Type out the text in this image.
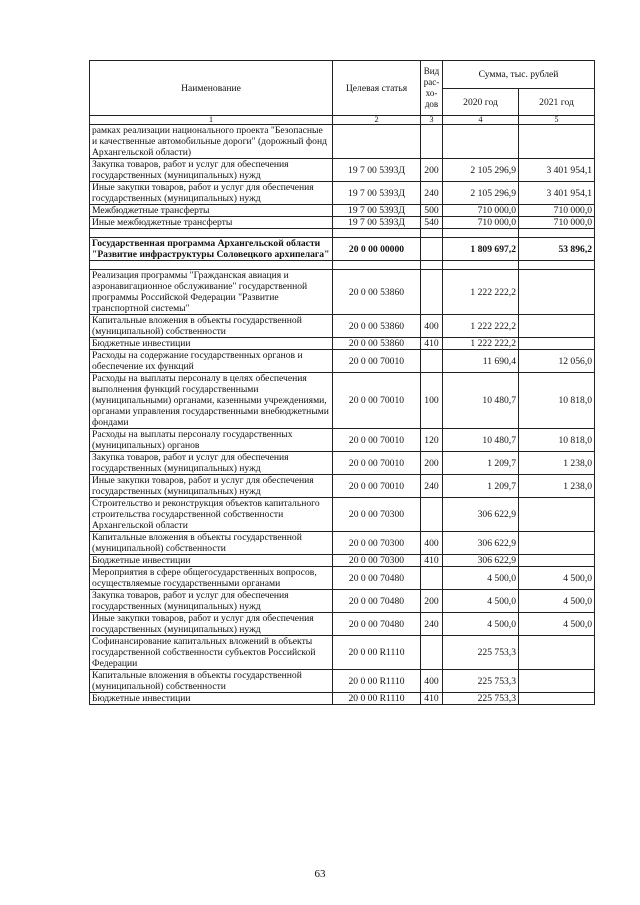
Наименование	Целевая статья	Вид рас-хо-дов	Сумма, тыс. рублей	
			2020 год	2021 год
1	2	3	4	5
рамках реализации национального проекта "Безопасные и качественные автомобильные дороги" (дорожный фонд Архангельской области)				
Закупка товаров, работ и услуг для обеспечения государственных (муниципальных) нужд	19 7 00 5393Д	200	2 105 296,9	3 401 954,1
Иные закупки товаров, работ и услуг для обеспечения государственных (муниципальных) нужд	19 7 00 5393Д	240	2 105 296,9	3 401 954,1
Межбюджетные трансферты	19 7 00 5393Д	500	710 000,0	710 000,0
Иные межбюджетные трансферты	19 7 00 5393Д	540	710 000,0	710 000,0

Государственная программа Архангельской области "Развитие инфраструктуры Соловецкого архипелага"	20 0 00 00000		1 809 697,2	53 896,2

Реализация программы "Гражданская авиация и аэронавигационное обслуживание" государственной программы Российской Федерации "Развитие транспортной системы"	20 0 00 53860		1 222 222,2	
Капитальные вложения в объекты государственной (муниципальной) собственности	20 0 00 53860	400	1 222 222,2	
Бюджетные инвестиции	20 0 00 53860	410	1 222 222,2	
Расходы на содержание государственных органов и обеспечение их функций	20 0 00 70010		11 690,4	12 056,0
Расходы на выплаты персоналу в целях обеспечения выполнения функций государственными (муниципальными) органами, казенными учреждениями, органами управления государственными внебюджетными фондами	20 0 00 70010	100	10 480,7	10 818,0
Расходы на выплаты персоналу государственных (муниципальных) органов	20 0 00 70010	120	10 480,7	10 818,0
Закупка товаров, работ и услуг для обеспечения государственных (муниципальных) нужд	20 0 00 70010	200	1 209,7	1 238,0
Иные закупки товаров, работ и услуг для обеспечения государственных (муниципальных) нужд	20 0 00 70010	240	1 209,7	1 238,0
Строительство и реконструкция объектов капитального строительства государственной собственности Архангельской области	20 0 00 70300		306 622,9	
Капитальные вложения в объекты государственной (муниципальной) собственности	20 0 00 70300	400	306 622,9	
Бюджетные инвестиции	20 0 00 70300	410	306 622,9	
Мероприятия в сфере общегосударственных вопросов, осуществляемые государственными органами	20 0 00 70480		4 500,0	4 500,0
Закупка товаров, работ и услуг для обеспечения государственных (муниципальных) нужд	20 0 00 70480	200	4 500,0	4 500,0
Иные закупки товаров, работ и услуг для обеспечения государственных (муниципальных) нужд	20 0 00 70480	240	4 500,0	4 500,0
Софинансирование капитальных вложений в объекты государственной собственности субъектов Российской Федерации	20 0 00 R1110		225 753,3	
Капитальные вложения в объекты государственной (муниципальной) собственности	20 0 00 R1110	400	225 753,3	
Бюджетные инвестиции	20 0 00 R1110	410	225 753,3	
63
